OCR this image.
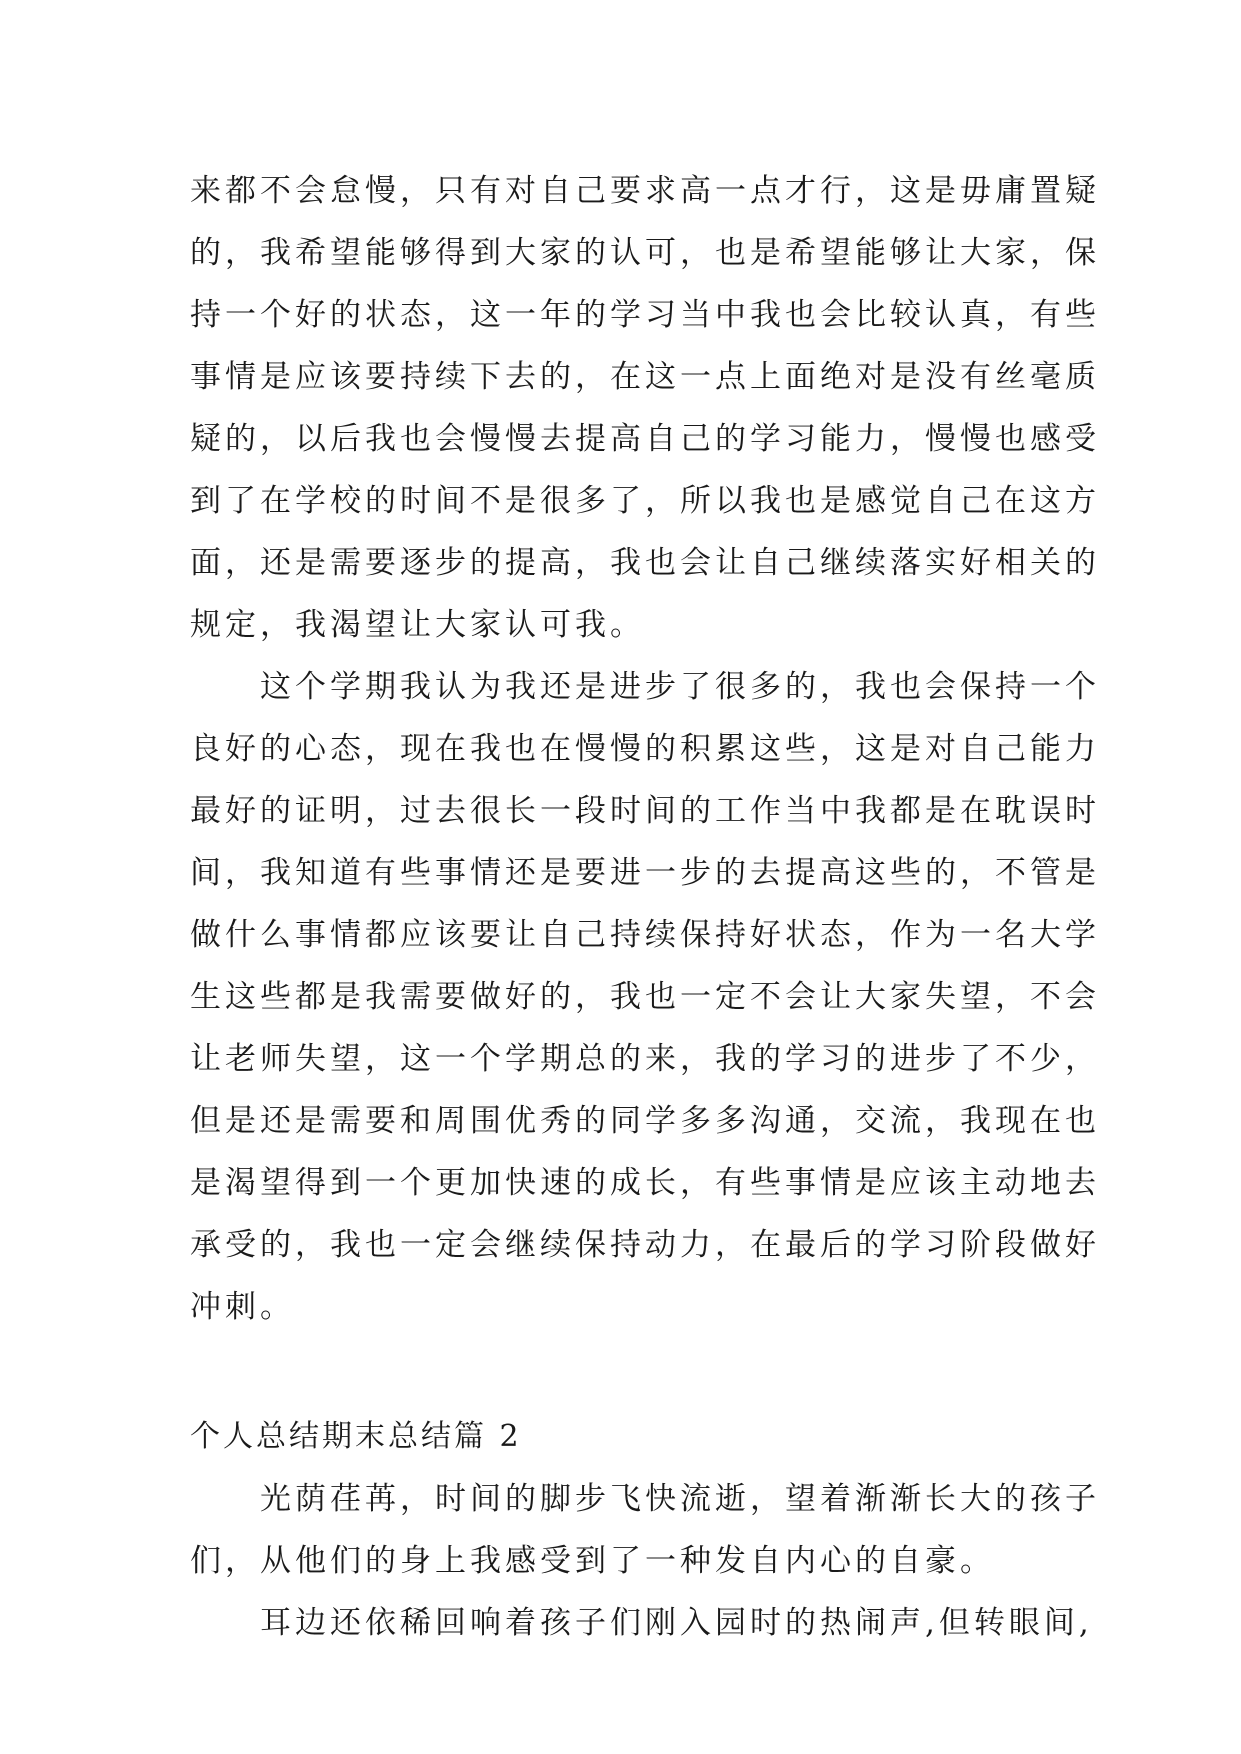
来都不会怠慢，只有对自己要求高一点才行，这是毋庸置疑
的，我希望能够得到大家的认可，也是希望能够让大家，保
持一个好的状态，这一年的学习当中我也会比较认真，有些
事情是应该要持续下去的，在这一点上面绝对是没有丝毫质
疑的，以后我也会慢慢去提高自己的学习能力，慢慢也感受
到了在学校的时间不是很多了，所以我也是感觉自己在这方
面，还是需要逐步的提高，我也会让自己继续落实好相关的
规定，我渴望让大家认可我。
这个学期我认为我还是进步了很多的，我也会保持一个
良好的心态，现在我也在慢慢的积累这些，这是对自己能力
最好的证明，过去很长一段时间的工作当中我都是在耽误时
间，我知道有些事情还是要进一步的去提高这些的，不管是
做什么事情都应该要让自己持续保持好状态，作为一名大学
生这些都是我需要做好的，我也一定不会让大家失望，不会
让老师失望，这一个学期总的来，我的学习的进步了不少，
但是还是需要和周围优秀的同学多多沟通，交流，我现在也
是渴望得到一个更加快速的成长，有些事情是应该主动地去
承受的，我也一定会继续保持动力，在最后的学习阶段做好
冲刺。
个人总结期末总结篇 2
光荫荏苒，时间的脚步飞快流逝，望着渐渐长大的孩子
们，从他们的身上我感受到了一种发自内心的自豪。
耳边还依稀回响着孩子们刚入园时的热闹声,但转眼间,
